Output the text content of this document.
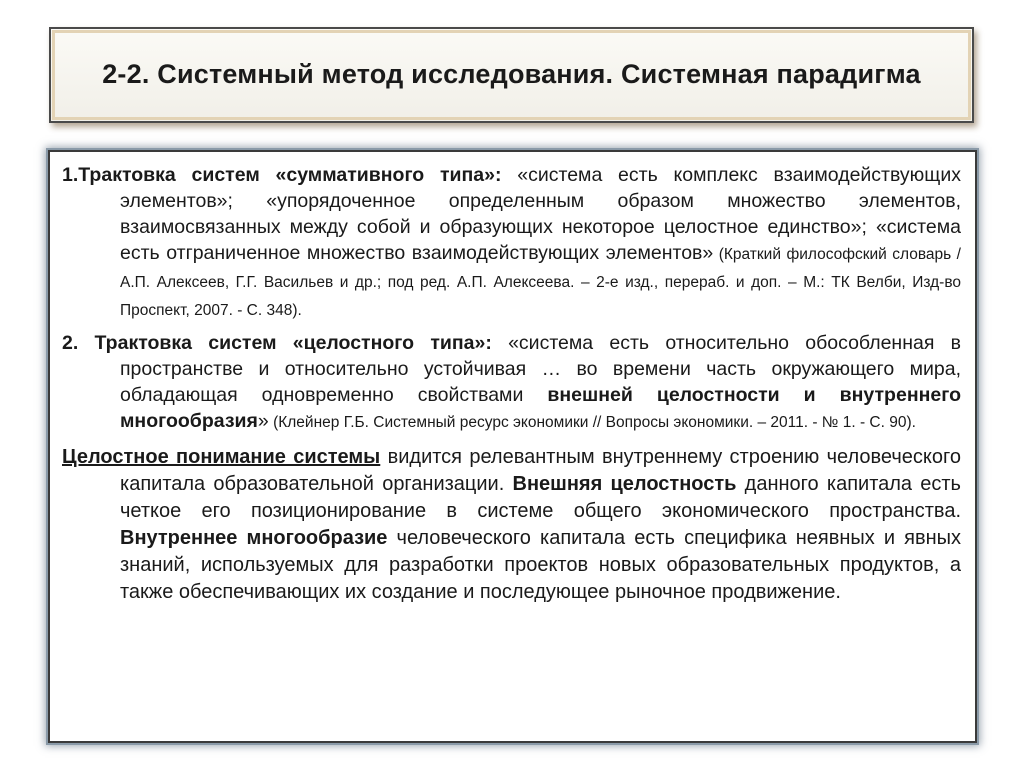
2-2. Системный метод исследования. Системная парадигма

1.Трактовка систем «суммативного типа»: «система есть комплекс взаимодействующих элементов»; «упорядоченное определенным образом множество элементов, взаимосвязанных между собой и образующих некоторое целостное единство»; «система есть отграниченное множество взаимодействующих элементов» (Краткий философский словарь / А.П. Алексеев, Г.Г. Васильев и др.; под ред. А.П. Алексеева. – 2-е изд., перераб. и доп. – М.: ТК Велби, Изд-во Проспект, 2007. - С. 348).

2. Трактовка систем «целостного типа»: «система есть относительно обособленная в пространстве и относительно устойчивая … во времени часть окружающего мира, обладающая одновременно свойствами внешней целостности и внутреннего многообразия» (Клейнер Г.Б. Системный ресурс экономики // Вопросы экономики. – 2011. - № 1. - С. 90).

Целостное понимание системы видится релевантным внутреннему строению человеческого капитала образовательной организации. Внешняя целостность данного капитала есть четкое его позиционирование в системе общего экономического пространства. Внутреннее многообразие человеческого капитала есть специфика неявных и явных знаний, используемых для разработки проектов новых образовательных продуктов, а также обеспечивающих их создание и последующее рыночное продвижение.
